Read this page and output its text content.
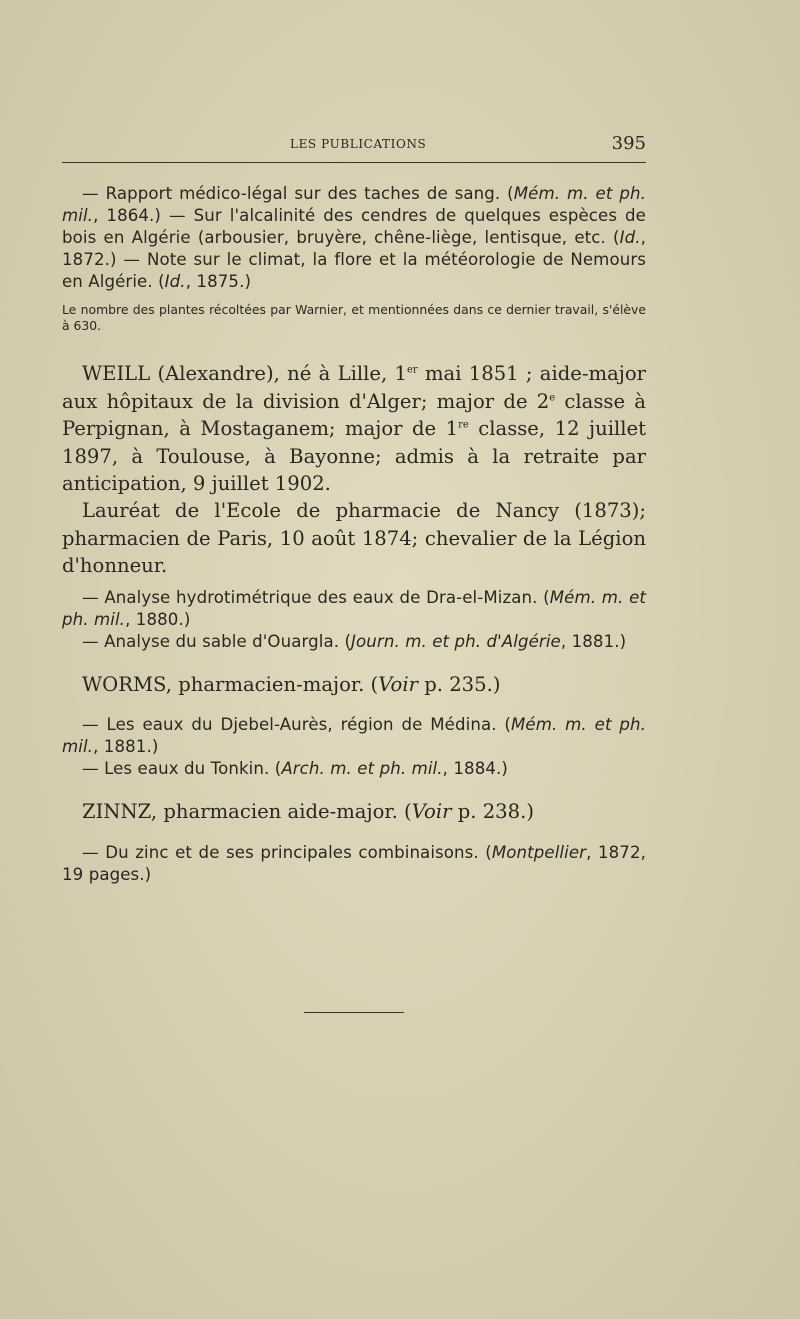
LES PUBLICATIONS	395
— Rapport médico-légal sur des taches de sang. (Mém. m. et ph. mil., 1864.) — Sur l'alcalinité des cendres de quelques espèces de bois en Algérie (arbousier, bruyère, chêne-liège, lentisque, etc. (Id., 1872.) — Note sur le climat, la flore et la météorologie de Nemours en Algérie. (Id., 1875.)
Le nombre des plantes récoltées par Warnier, et mentionnées dans ce dernier travail, s'élève à 630.
WEILL (Alexandre), né à Lille, 1er mai 1851 ; aide-major aux hôpitaux de la division d'Alger; major de 2e classe à Perpignan, à Mostaganem; major de 1re classe, 12 juillet 1897, à Toulouse, à Bayonne; admis à la retraite par anticipation, 9 juillet 1902.
Lauréat de l'Ecole de pharmacie de Nancy (1873); pharmacien de Paris, 10 août 1874; chevalier de la Légion d'honneur.
— Analyse hydrotimétrique des eaux de Dra-el-Mizan. (Mém. m. et ph. mil., 1880.)
— Analyse du sable d'Ouargla. (Journ. m. et ph. d'Algérie, 1881.)
WORMS, pharmacien-major. (Voir p. 235.)
— Les eaux du Djebel-Aurès, région de Médina. (Mém. m. et ph. mil., 1881.)
— Les eaux du Tonkin. (Arch. m. et ph. mil., 1884.)
ZINNZ, pharmacien aide-major. (Voir p. 238.)
— Du zinc et de ses principales combinaisons. (Montpellier, 1872, 19 pages.)
